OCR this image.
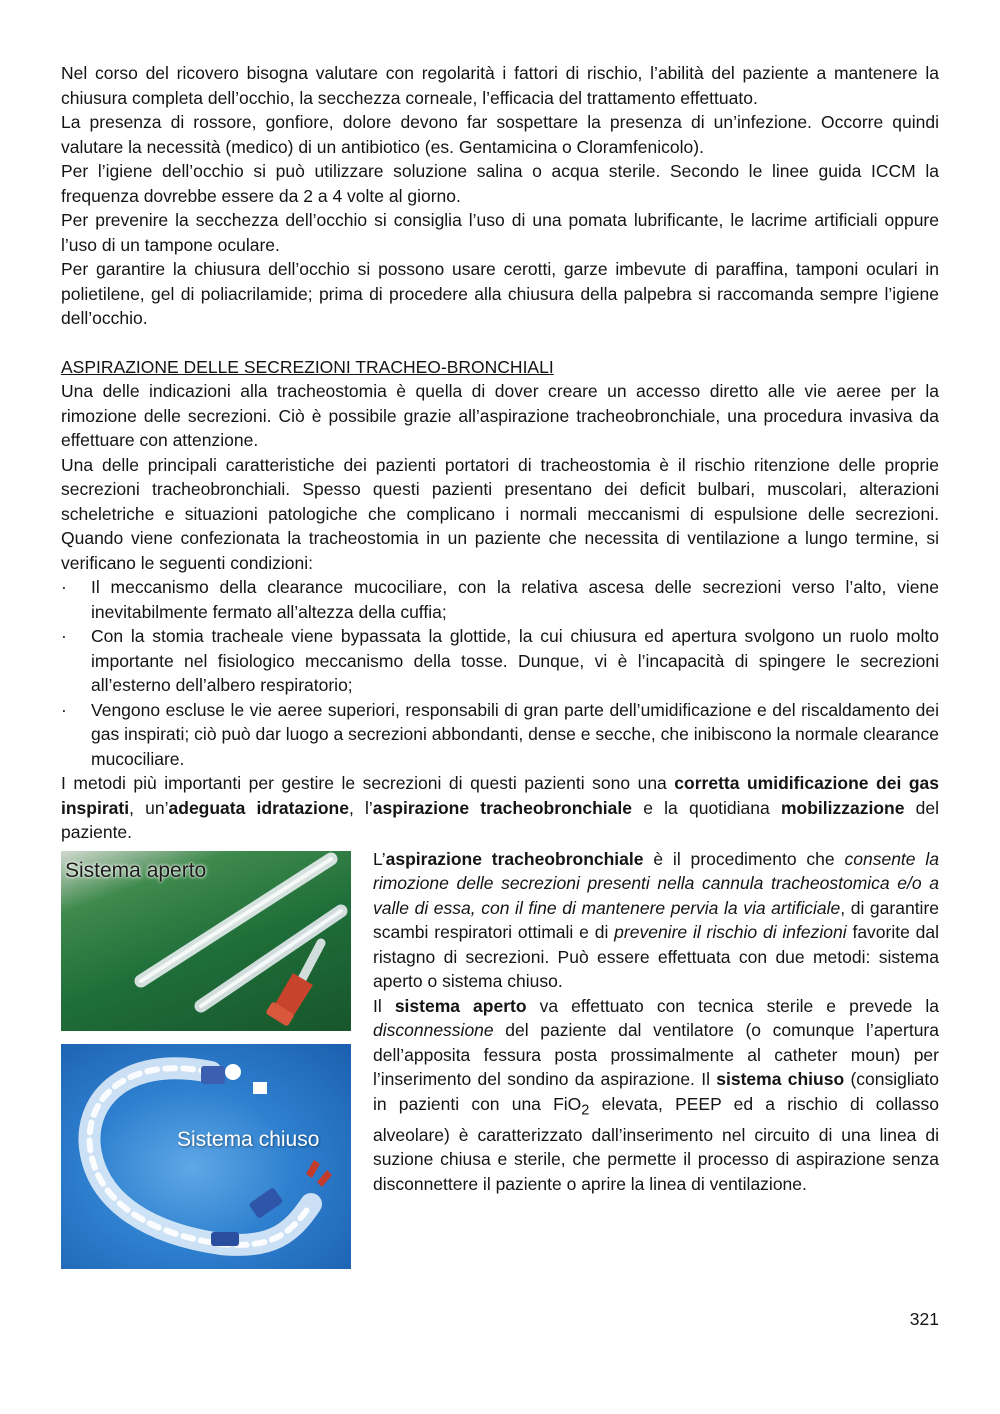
Nel corso del ricovero bisogna valutare con regolarità i fattori di rischio, l’abilità del paziente a mantenere la chiusura completa dell’occhio, la secchezza corneale, l’efficacia del trattamento effettuato.

La presenza di rossore, gonfiore, dolore devono far sospettare la presenza di un’infezione. Occorre quindi valutare la necessità (medico) di un antibiotico (es. Gentamicina o Cloramfenicolo).

Per l’igiene dell’occhio si può utilizzare soluzione salina o acqua sterile. Secondo le linee guida ICCM la frequenza dovrebbe essere da 2 a 4 volte al giorno.

Per prevenire la secchezza dell’occhio si consiglia l’uso di una pomata lubrificante, le lacrime artificiali oppure l’uso di un tampone oculare.

Per garantire la chiusura dell’occhio si possono usare cerotti, garze imbevute di paraffina, tamponi oculari in polietilene, gel di poliacrilamide; prima di procedere alla chiusura della palpebra si raccomanda sempre l’igiene dell’occhio.

ASPIRAZIONE DELLE SECREZIONI TRACHEO-BRONCHIALI

Una delle indicazioni alla tracheostomia è quella di dover creare un accesso diretto alle vie aeree per la rimozione delle secrezioni. Ciò è possibile grazie all’aspirazione tracheobronchiale, una procedura invasiva da effettuare con attenzione.

Una delle principali caratteristiche dei pazienti portatori di tracheostomia è il rischio ritenzione delle proprie secrezioni tracheobronchiali. Spesso questi pazienti presentano dei deficit bulbari, muscolari, alterazioni scheletriche e situazioni patologiche che complicano i normali meccanismi di espulsione delle secrezioni. Quando viene confezionata la tracheostomia in un paziente che necessita di ventilazione a lungo termine, si verificano le seguenti condizioni:

·	Il meccanismo della clearance mucociliare, con la relativa ascesa delle secrezioni verso l’alto, viene inevitabilmente fermato all’altezza della cuffia;
·	Con la stomia tracheale viene bypassata la glottide, la cui chiusura ed apertura svolgono un ruolo molto importante nel fisiologico meccanismo della tosse. Dunque, vi è l’incapacità di spingere le secrezioni all’esterno dell’albero respiratorio;
·	Vengono escluse le vie aeree superiori, responsabili di gran parte dell’umidificazione e del riscaldamento dei gas inspirati; ciò può dar luogo a secrezioni abbondanti, dense e secche, che inibiscono la normale clearance mucociliare.

I metodi più importanti per gestire le secrezioni di questi pazienti sono una corretta umidificazione dei gas inspirati, un’adeguata idratazione, l’aspirazione tracheobronchiale e la quotidiana mobilizzazione del paziente.

Sistema aperto
Sistema chiuso

L’aspirazione tracheobronchiale è il procedimento che consente la rimozione delle secrezioni presenti nella cannula tracheostomica e/o a valle di essa, con il fine di mantenere pervia la via artificiale, di garantire scambi respiratori ottimali e di prevenire il rischio di infezioni favorite dal ristagno di secrezioni. Può essere effettuata con due metodi: sistema aperto o sistema chiuso.

Il sistema aperto va effettuato con tecnica sterile e prevede la disconnessione del paziente dal ventilatore (o comunque l’apertura dell’apposita fessura posta prossimalmente al catheter moun) per l’inserimento del sondino da aspirazione. Il sistema chiuso (consigliato in pazienti con una FiO$_2$ elevata, PEEP ed a rischio di collasso alveolare) è caratterizzato dall’inserimento nel circuito di una linea di suzione chiusa e sterile, che permette il processo di aspirazione senza disconnettere il paziente o aprire la linea di ventilazione.

321
